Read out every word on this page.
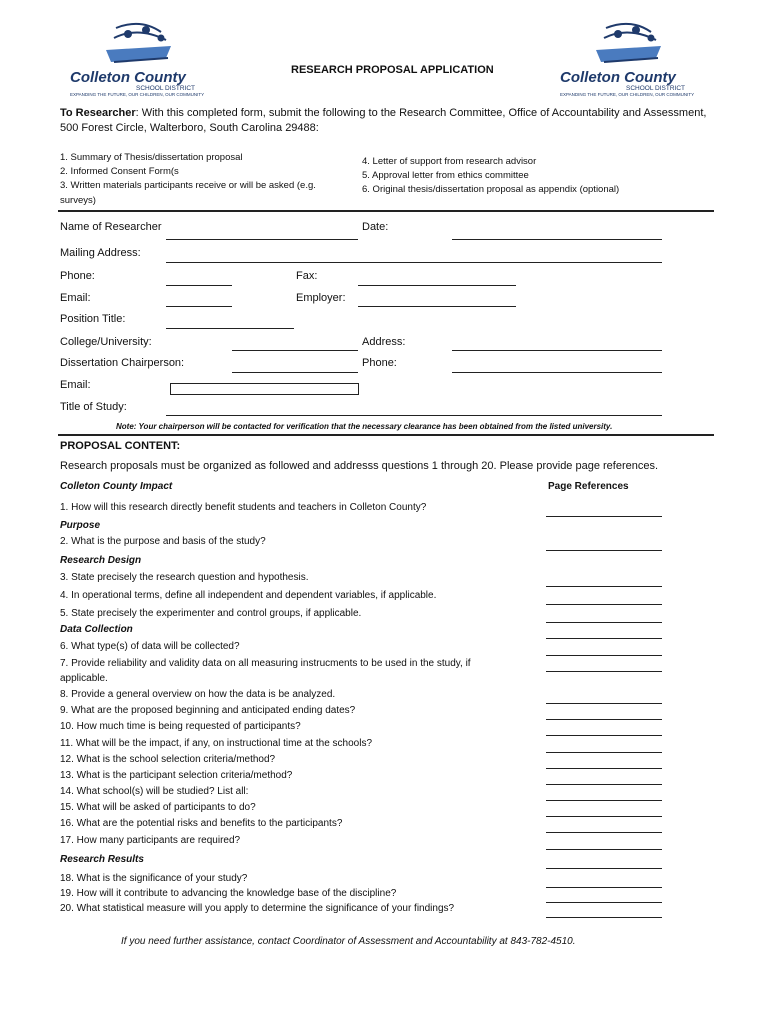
Colleton County
SCHOOL DISTRICT
EXPANDING THE FUTURE, OUR CHILDREN, OUR COMMUNITY
Colleton County
SCHOOL DISTRICT
EXPANDING THE FUTURE, OUR CHILDREN, OUR COMMUNITY
RESEARCH PROPOSAL APPLICATION
To Researcher: With this completed form, submit the following to the Research Committee, Office of Accountability and Assessment,
500 Forest Circle, Walterboro, South Carolina 29488:
1. Summary of Thesis/dissertation proposal
2. Informed Consent Form(s
3. Written materials participants receive or will be asked (e.g.
surveys)
4. Letter of support from research advisor
5. Approval letter from ethics committee
6. Original thesis/dissertation proposal as appendix (optional)
Name of Researcher	Date:
Mailing Address:
Phone:	Fax:
Email:	Employer:
Position Title:
College/University:	Address:
Dissertation Chairperson:	Phone:
Email:
Title of Study:
Note: Your chairperson will be contacted for verification that the necessary clearance has been obtained from the listed university.
PROPOSAL CONTENT:
Research proposals must be organized as followed and addresss questions 1 through 20. Please provide page references.
Colleton County Impact	Page References
1. How will this research directly benefit students and teachers in Colleton County?
Purpose
2. What is the purpose and basis of the study?
Research Design
3. State precisely the research question and hypothesis.
4. In operational terms, define all independent and dependent variables, if applicable.
5. State precisely the experimenter and control groups, if applicable.
Data Collection
6. What type(s) of data will be collected?
7. Provide reliability and validity data on all measuring instrucments to be used in the study, if
applicable.
8. Provide a general overview on how the data is be analyzed.
9. What are the proposed beginning and anticipated ending dates?
10. How much time is being requested of participants?
11. What will be the impact, if any, on instructional time at the schools?
12. What is the school selection criteria/method?
13. What is the participant selection criteria/method?
14. What school(s) will be studied? List all:
15. What will be asked of participants to do?
16. What are the potential risks and benefits to the participants?
17. How many participants are required?
Research Results
18. What is the significance of your study?
19. How will it contribute to advancing the knowledge base of the discipline?
20. What statistical measure will you apply to determine the significance of your findings?
If you need further assistance, contact Coordinator of Assessment and Accountability at 843-782-4510.
